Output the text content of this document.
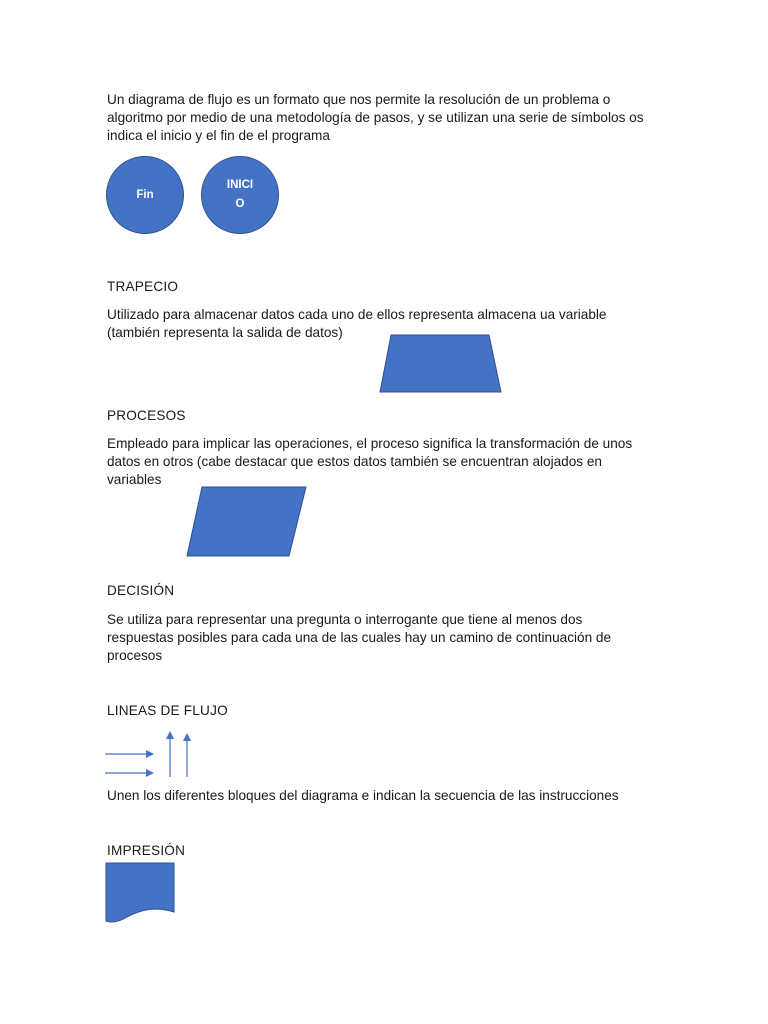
Un diagrama de flujo es un formato que nos permite la resolución de un problema o
algoritmo por medio de una metodología de pasos, y se utilizan una serie de símbolos os
indica el inicio y el fin de el programa
Fin
INICI
O
TRAPECIO
Utilizado para almacenar datos cada uno de ellos representa almacena ua variable
(también representa la salida de datos)
PROCESOS
Empleado para implicar las operaciones, el proceso significa la transformación de unos
datos en otros (cabe destacar que estos datos también se encuentran alojados en
variables
DECISIÓN
Se utiliza para representar una pregunta o interrogante que tiene al menos dos
respuestas posibles para cada una de las cuales hay un camino de continuación de
procesos
LINEAS DE FLUJO
Unen los diferentes bloques del diagrama e indican la secuencia de las instrucciones
IMPRESIÓN
